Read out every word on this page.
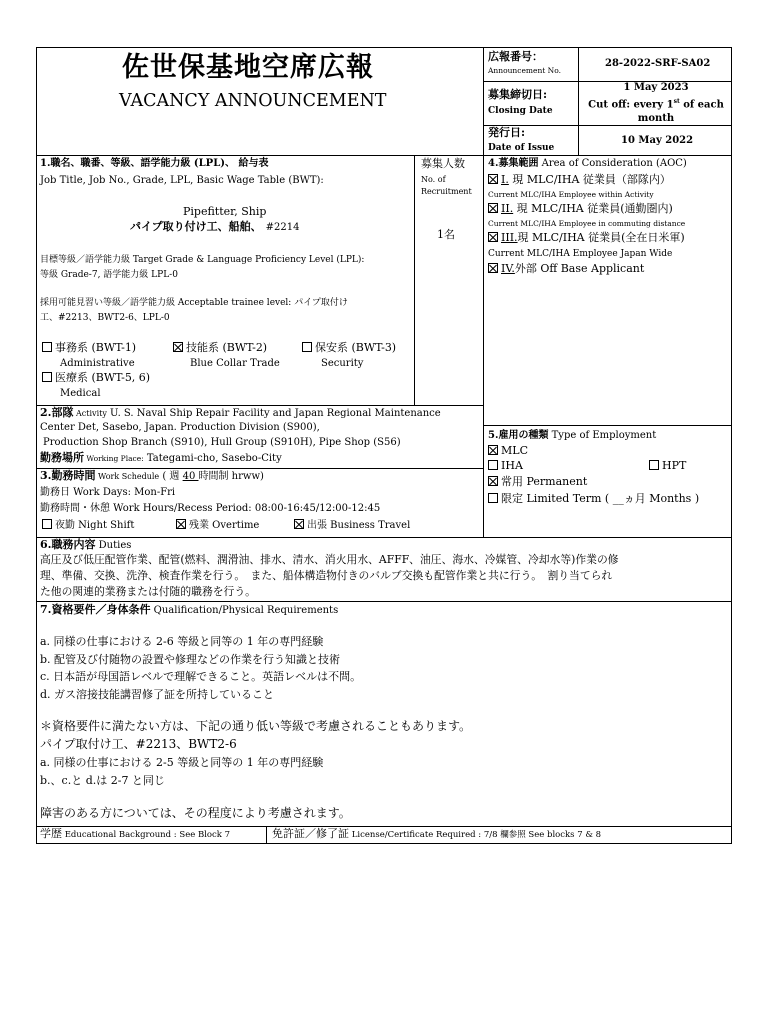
佐世保基地空席広報
VACANCY ANNOUNCEMENT
広報番号：
Announcement No.
28-2022-SRF-SA02
募集締切日:
Closing Date
1 May 2023
Cut off: every 1st of each
month
発行日:
Date of Issue
10 May 2022
1.職名、職番、等級、語学能力級 (LPL)、 給与表
Job Title, Job No., Grade, LPL, Basic Wage Table (BWT):
Pipefitter, Ship
パイプ取り付け工、船舶、 #2214
募集人数
No. of
Recruitment
1名
目標等級／語学能力級 Target Grade & Language Proficiency Level (LPL):
等級 Grade-7, 語学能力級 LPL-0
採用可能見習い等級／語学能力級 Acceptable trainee level: パイプ取付け
工、#2213、BWT2-6、LPL-0
事務系 (BWT-1)
Administrative
技能系 (BWT-2)
Blue Collar Trade
保安系 (BWT-3)
Security
医療系 (BWT-5, 6)
Medical
4.募集範囲 Area of Consideration (AOC)
I. 現 MLC/IHA 従業員（部隊内）
Current MLC/IHA Employee within Activity
II. 現 MLC/IHA 従業員(通勤圏内)
Current MLC/IHA Employee in commuting distance
III.現 MLC/IHA 従業員(全在日米軍)
Current MLC/IHA Employee Japan Wide
IV.外部 Off Base Applicant
2.部隊 Activity U. S. Naval Ship Repair Facility and Japan Regional Maintenance
Center Det, Sasebo, Japan. Production Division (S900),
Production Shop Branch (S910), Hull Group (S910H), Pipe Shop (S56)
勤務場所 Working Place: Tategami-cho, Sasebo-City
5.雇用の種類 Type of Employment
MLC
IHA	HPT
常用 Permanent
限定 Limited Term ( __ヵ月 Months )
3.勤務時間 Work Schedule ( 週 40 時間制 hrww)
勤務日 Work Days: Mon-Fri
勤務時間・休憩 Work Hours/Recess Period: 08:00-16:45/12:00-12:45
夜勤 Night Shift	残業 Overtime	出張 Business Travel
6.職務内容 Duties
高圧及び低圧配管作業、配管(燃料、潤滑油、排水、清水、消火用水、AFFF、油圧、海水、冷媒管、冷却水等)作業の修
理、準備、交換、洗浄、検査作業を行う。　また、船体構造物付きのバルブ交換も配管作業と共に行う。　割り当てられ
た他の関連的業務または付随的職務を行う。
7.資格要件／身体条件 Qualification/Physical Requirements
a. 同様の仕事における 2-6 等級と同等の 1 年の専門経験
b. 配管及び付随物の設置や修理などの作業を行う知識と技術
c. 日本語が母国語レベルで理解できること。英語レベルは不問。
d. ガス溶接技能講習修了証を所持していること
＊資格要件に満たない方は、下記の通り低い等級で考慮されることもあります。
パイプ取付け工、#2213、BWT2-6
a. 同様の仕事における 2-5 等級と同等の 1 年の専門経験
b.、c.と d.は 2-7 と同じ
障害のある方については、その程度により考慮されます。
学歴 Educational Background : See Block 7	免許証／修了証 License/Certificate Required : 7/8 欄参照 See blocks 7 & 8
